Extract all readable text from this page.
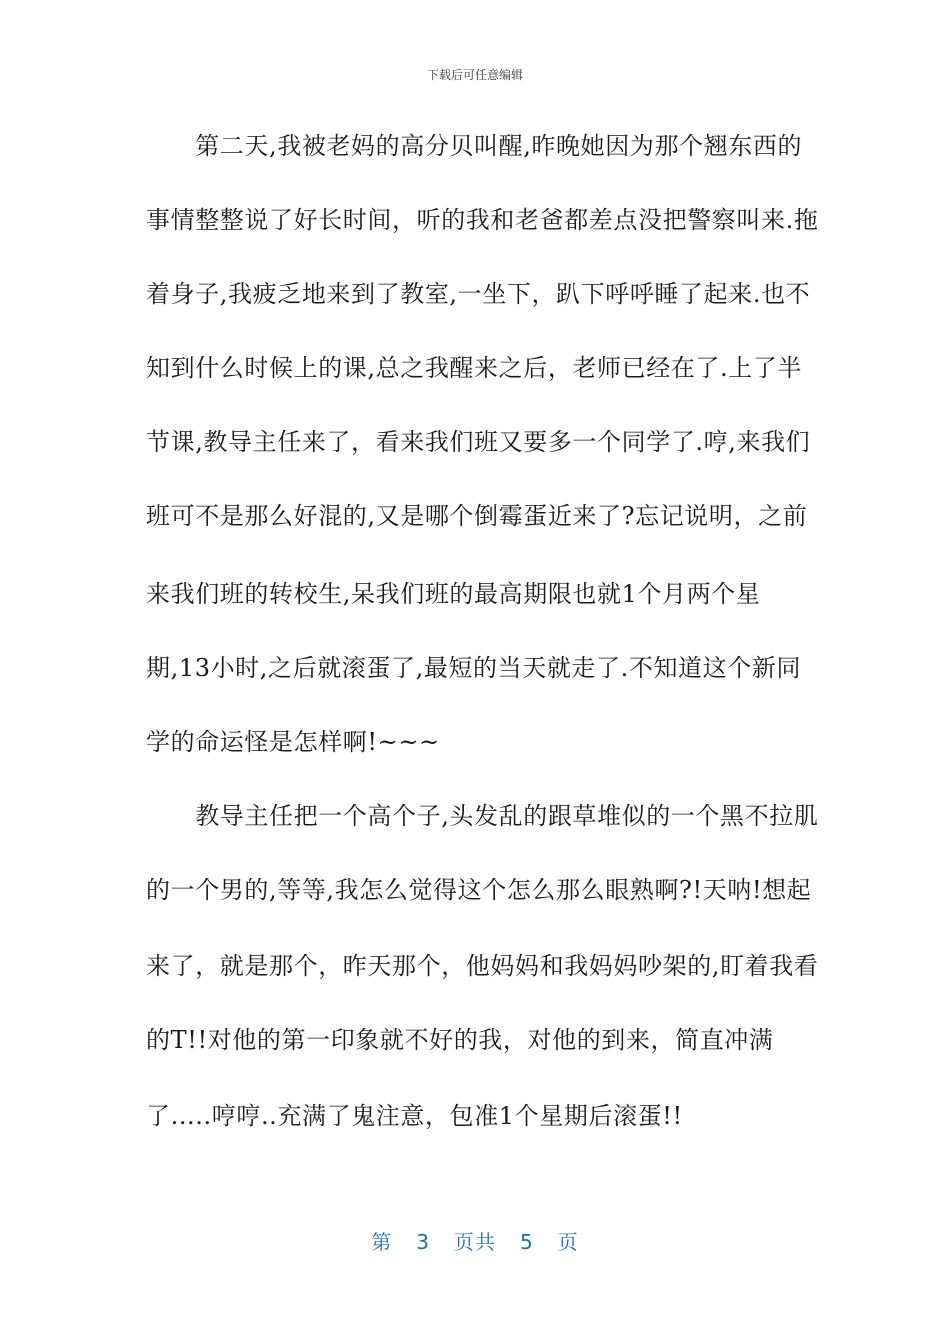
下载后可任意编辑
　　第二天,我被老妈的高分贝叫醒,昨晚她因为那个翘东西的
事情整整说了好长时间，听的我和老爸都差点没把警察叫来.拖
着身子,我疲乏地来到了教室,一坐下，趴下呼呼睡了起来.也不
知到什么时候上的课,总之我醒来之后，老师已经在了.上了半
节课,教导主任来了，看来我们班又要多一个同学了.哼,来我们
班可不是那么好混的,又是哪个倒霉蛋近来了?忘记说明，之前
来我们班的转校生,呆我们班的最高期限也就1个月两个星
期,13小时,之后就滚蛋了,最短的当天就走了.不知道这个新同
学的命运怪是怎样啊!~~~
　　教导主任把一个高个子,头发乱的跟草堆似的一个黑不拉肌
的一个男的,等等,我怎么觉得这个怎么那么眼熟啊?!天呐!想起
来了，就是那个，昨天那个，他妈妈和我妈妈吵架的,盯着我看
的T!!对他的第一印象就不好的我，对他的到来，简直冲满
了.....哼哼..充满了鬼注意，包准1个星期后滚蛋!!
第 3 页共 5 页
